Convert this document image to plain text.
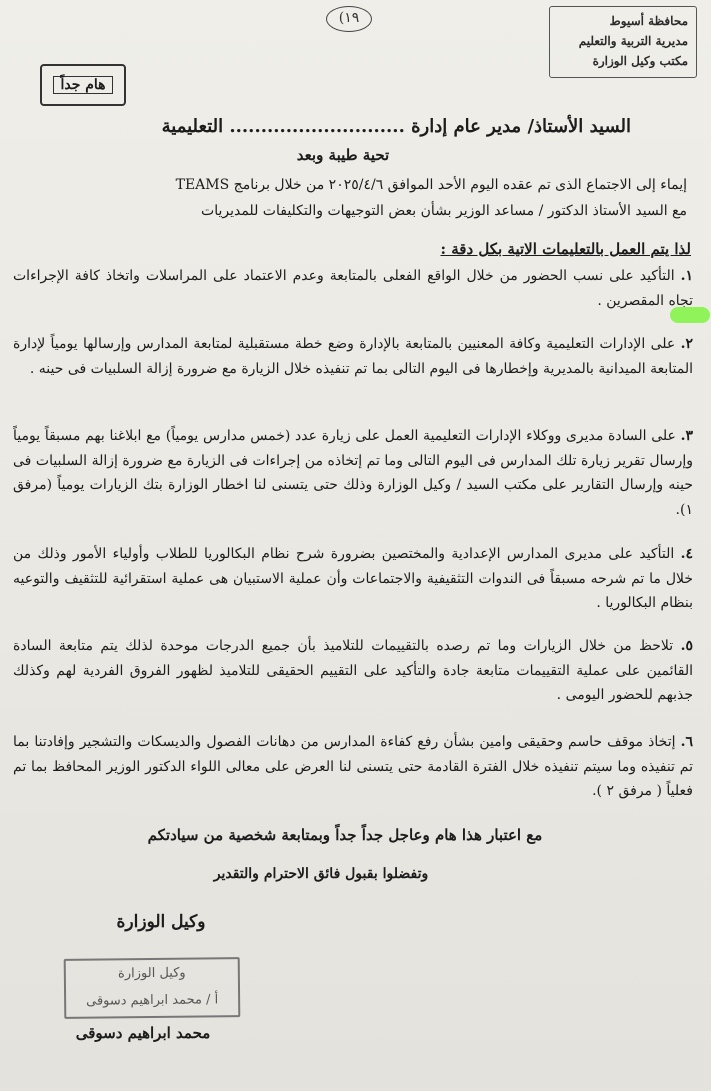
محافظة أسيوط
مديرية التربية والتعليم
مكتب وكيل الوزارة
(١٩
هام جداً
السيد الأستاذ/ مدير عام إدارة ............................ التعليمية
تحية طيبة وبعد
إيماء إلى الاجتماع الذى تم عقده اليوم الأحد الموافق ٢٠٢٥/٤/٦ من خلال برنامج TEAMS
مع السيد الأستاذ الدكتور / مساعد الوزير بشأن بعض التوجيهات والتكليفات للمديريات
لذا يتم العمل بالتعليمات الاتية بكل دقة :
١. التأكيد على نسب الحضور من خلال الواقع الفعلى بالمتابعة وعدم الاعتماد على المراسلات واتخاذ كافة الإجراءات تجاه المقصرين .
٢. على الإدارات التعليمية وكافة المعنيين بالمتابعة بالإدارة وضع خطة مستقبلية لمتابعة المدارس وإرسالها يومياً لإدارة المتابعة الميدانية بالمديرية وإخطارها فى اليوم التالى بما تم تنفيذه خلال الزيارة مع ضرورة إزالة السلبيات فى حينه .
٣. على السادة مديرى ووكلاء الإدارات التعليمية العمل على زيارة عدد (خمس مدارس يومياً) مع ابلاغنا بهم مسبقاً يومياً وإرسال تقرير زيارة تلك المدارس فى اليوم التالى وما تم إتخاذه من إجراءات فى الزيارة مع ضرورة إزالة السلبيات فى حينه وإرسال التقارير على مكتب السيد / وكيل الوزارة وذلك حتى يتسنى لنا اخطار الوزارة بتك الزيارات يومياً (مرفق ١).
٤. التأكيد على مديرى المدارس الإعدادية والمختصين بضرورة شرح نظام البكالوريا للطلاب وأولياء الأمور وذلك من خلال ما تم شرحه مسبقاً فى الندوات التثقيفية والاجتماعات وأن عملية الاستبيان هى عملية استقرائية للتثقيف والتوعيه بنظام البكالوريا .
٥. تلاحظ من خلال الزيارات وما تم رصده بالتقييمات للتلاميذ بأن جميع الدرجات موحدة لذلك يتم متابعة السادة القائمين على عملية التقييمات متابعة جادة والتأكيد على التقييم الحقيقى للتلاميذ لظهور الفروق الفردية لهم وكذلك جذبهم للحضور اليومى .
٦. إتخاذ موقف حاسم وحقيقى وامين بشأن رفع كفاءة المدارس من دهانات الفصول والديسكات والتشجير وإفادتنا بما تم تنفيذه وما سيتم تنفيذه خلال الفترة القادمة حتى يتسنى لنا العرض على معالى اللواء الدكتور الوزير المحافظ بما تم فعلياً ( مرفق ٢ ).
مع اعتبار هذا هام وعاجل جداً جداً وبمتابعة شخصية من سيادتكم
وتفضلوا بقبول فائق الاحترام والتقدير
وكيل الوزارة
وكيل الوزارة
أ / محمد ابراهيم دسوقى
محمد ابراهيم دسوقى
